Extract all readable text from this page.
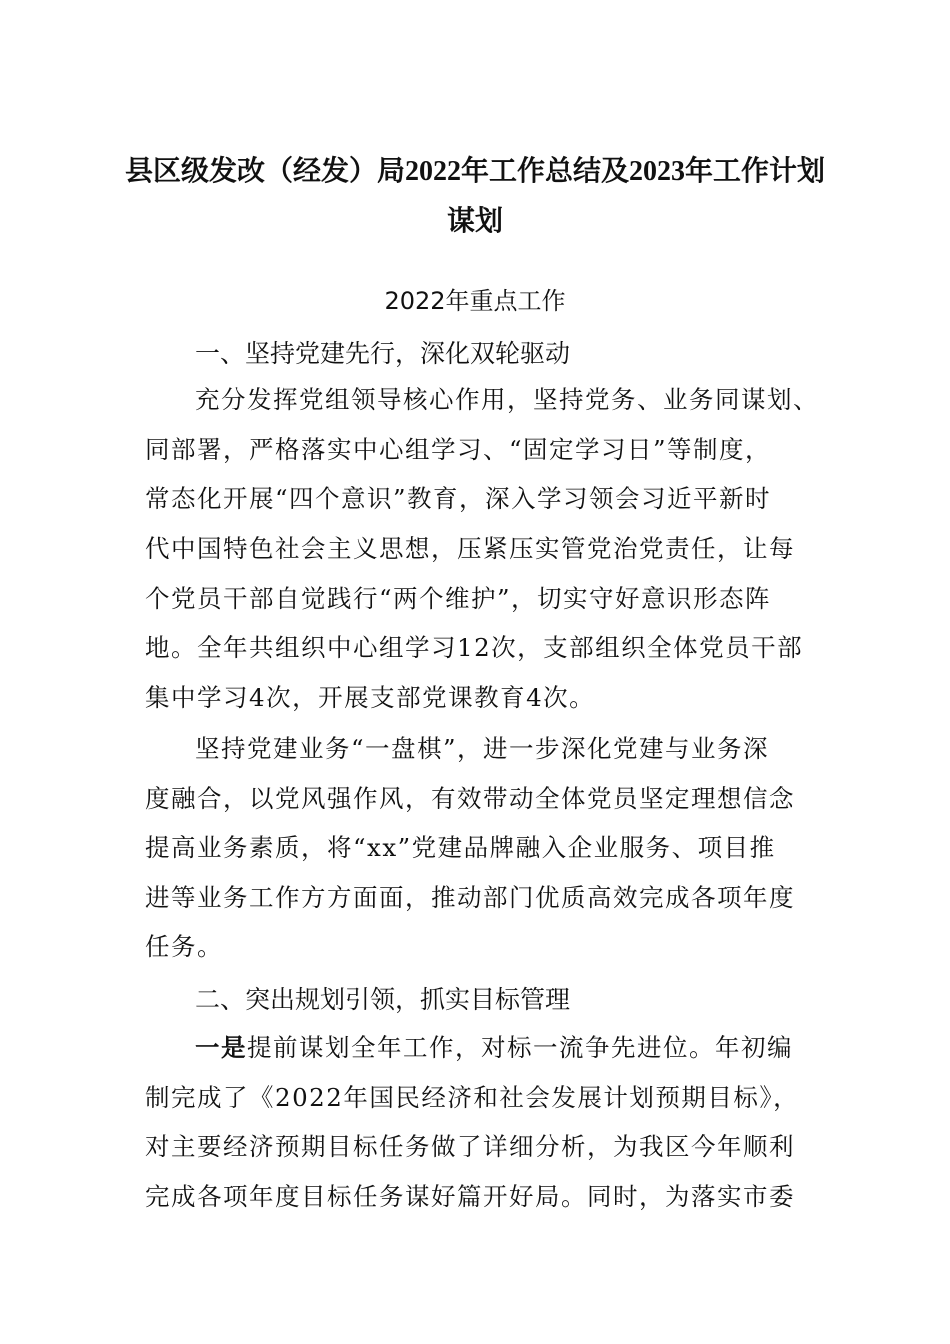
县区级发改（经发）局2022年工作总结及2023年工作计划
谋划
2022年重点工作
一、坚持党建先行，深化双轮驱动
充分发挥党组领导核心作用，坚持党务、业务同谋划、
同部署，严格落实中心组学习、“固定学习日”等制度，
常态化开展“四个意识”教育，深入学习领会习近平新时
代中国特色社会主义思想，压紧压实管党治党责任，让每
个党员干部自觉践行“两个维护”，切实守好意识形态阵
地。全年共组织中心组学习12次，支部组织全体党员干部
集中学习4次，开展支部党课教育4次。
坚持党建业务“一盘棋”，进一步深化党建与业务深
度融合，以党风强作风，有效带动全体党员坚定理想信念
提高业务素质，将“xx”党建品牌融入企业服务、项目推
进等业务工作方方面面，推动部门优质高效完成各项年度
任务。
二、突出规划引领，抓实目标管理
一是提前谋划全年工作，对标一流争先进位。年初编
制完成了《2022年国民经济和社会发展计划预期目标》，
对主要经济预期目标任务做了详细分析，为我区今年顺利
完成各项年度目标任务谋好篇开好局。同时，为落实市委
